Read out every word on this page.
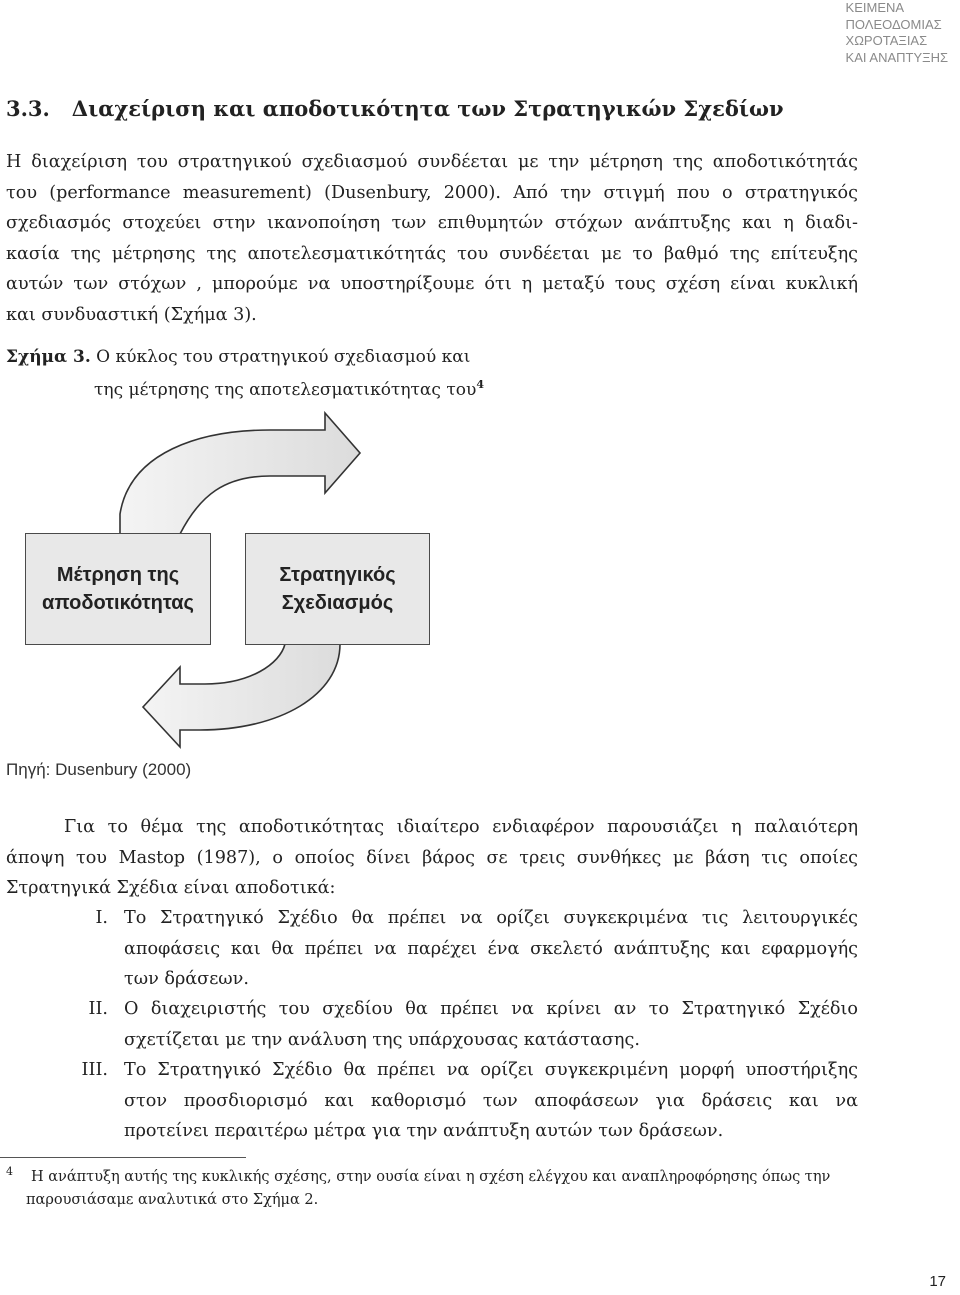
ΚΕΙΜΕΝΑ
ΠΟΛΕΟΔΟΜΙΑΣ
ΧΩΡΟΤΑΞΙΑΣ
ΚΑΙ ΑΝΑΠΤΥΞΗΣ
3.3.   Διαχείριση και αποδοτικότητα των Στρατηγικών Σχεδίων
Η διαχείριση του στρατηγικού σχεδιασμού συνδέεται με την μέτρηση της αποδοτικότητάς
του (performance measurement) (Dusenbury, 2000). Από την στιγμή που ο στρατηγικός
σχεδιασμός στοχεύει στην ικανοποίηση των επιθυμητών στόχων ανάπτυξης και η διαδι-
κασία της μέτρησης της αποτελεσματικότητάς του συνδέεται με το βαθμό της επίτευξης
αυτών των στόχων , μπορούμε να υποστηρίξουμε ότι η μεταξύ τους σχέση είναι κυκλική
και συνδυαστική (Σχήμα 3).
Σχήμα 3. Ο κύκλος του στρατηγικού σχεδιασμού και
της μέτρησης της αποτελεσματικότητας του$^4$
Μέτρηση της
αποδοτικότητας
Στρατηγικός
Σχεδιασμός
Πηγή: Dusenbury (2000)
Για το θέμα της αποδοτικότητας ιδιαίτερο ενδιαφέρον παρουσιάζει η παλαιότερη
άποψη του Mastop (1987), ο οποίος δίνει βάρος σε τρεις συνθήκες με βάση τις οποίες
Στρατηγικά Σχέδια είναι αποδοτικά:
I. Το Στρατηγικό Σχέδιο θα πρέπει να ορίζει συγκεκριμένα τις λειτουργικές
αποφάσεις και θα πρέπει να παρέχει ένα σκελετό ανάπτυξης και εφαρμογής
των δράσεων.
II. Ο διαχειριστής του σχεδίου θα πρέπει να κρίνει αν το Στρατηγικό Σχέδιο
σχετίζεται με την ανάλυση της υπάρχουσας κατάστασης.
III. Το Στρατηγικό Σχέδιο θα πρέπει να ορίζει συγκεκριμένη μορφή υποστήριξης
στον προσδιορισμό και καθορισμό των αποφάσεων για δράσεις και να
προτείνει περαιτέρω μέτρα για την ανάπτυξη αυτών των δράσεων.
$^4$ Η ανάπτυξη αυτής της κυκλικής σχέσης, στην ουσία είναι η σχέση ελέγχου και αναπληροφόρησης όπως την
παρουσιάσαμε αναλυτικά στο Σχήμα 2.
17
